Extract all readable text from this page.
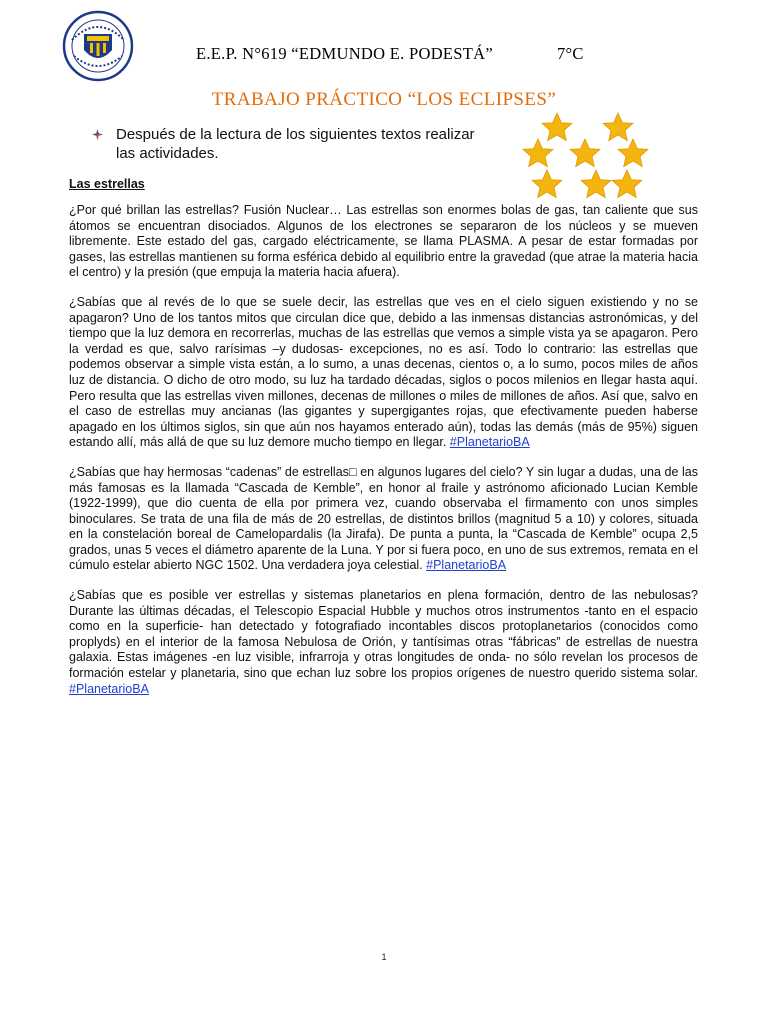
E.E.P. N°619 “EDMUNDO E. PODESTÁ”	7°C
TRABAJO PRÁCTICO “LOS ECLIPSES”
Después de la lectura de los siguientes textos realizar las actividades.
Las estrellas

¿Por qué brillan las estrellas? Fusión Nuclear… Las estrellas son enormes bolas de gas, tan caliente que sus átomos se encuentran disociados. Algunos de los electrones se separaron de los núcleos y se mueven libremente. Este estado del gas, cargado eléctricamente, se llama PLASMA. A pesar de estar formadas por gases, las estrellas mantienen su forma esférica debido al equilibrio entre la gravedad (que atrae la materia hacia el centro) y la presión (que empuja la materia hacia afuera).

¿Sabías que al revés de lo que se suele decir, las estrellas que ves en el cielo siguen existiendo y no se apagaron? Uno de los tantos mitos que circulan dice que, debido a las inmensas distancias astronómicas, y del tiempo que la luz demora en recorrerlas, muchas de las estrellas que vemos a simple vista ya se apagaron. Pero la verdad es que, salvo rarísimas –y dudosas- excepciones, no es así. Todo lo contrario: las estrellas que podemos observar a simple vista están, a lo sumo, a unas decenas, cientos o, a lo sumo, pocos miles de años luz de distancia. O dicho de otro modo, su luz ha tardado décadas, siglos o pocos milenios en llegar hasta aquí. Pero resulta que las estrellas viven millones, decenas de millones o miles de millones de años. Así que, salvo en el caso de estrellas muy ancianas (las gigantes y supergigantes rojas, que efectivamente pueden haberse apagado en los últimos siglos, sin que aún nos hayamos enterado aún), todas las demás (más de 95%) siguen estando allí, más allá de que su luz demore mucho tiempo en llegar. #PlanetarioBA

¿Sabías que hay hermosas “cadenas” de estrellas□ en algunos lugares del cielo? Y sin lugar a dudas, una de las más famosas es la llamada “Cascada de Kemble”, en honor al fraile y astrónomo aficionado Lucian Kemble (1922-1999), que dio cuenta de ella por primera vez, cuando observaba el firmamento con unos simples binoculares. Se trata de una fila de más de 20 estrellas, de distintos brillos (magnitud 5 a 10) y colores, situada en la constelación boreal de Camelopardalis (la Jirafa). De punta a punta, la “Cascada de Kemble” ocupa 2,5 grados, unas 5 veces el diámetro aparente de la Luna. Y por si fuera poco, en uno de sus extremos, remata en el cúmulo estelar abierto NGC 1502. Una verdadera joya celestial. #PlanetarioBA

¿Sabías que es posible ver estrellas y sistemas planetarios en plena formación, dentro de las nebulosas? Durante las últimas décadas, el Telescopio Espacial Hubble y muchos otros instrumentos -tanto en el espacio como en la superficie- han detectado y fotografiado incontables discos protoplanetarios (conocidos como proplyds) en el interior de la famosa Nebulosa de Orión, y tantísimas otras “fábricas” de estrellas de nuestra galaxia. Estas imágenes -en luz visible, infrarroja y otras longitudes de onda- no sólo revelan los procesos de formación estelar y planetaria, sino que echan luz sobre los propios orígenes de nuestro querido sistema solar. #PlanetarioBA

1
